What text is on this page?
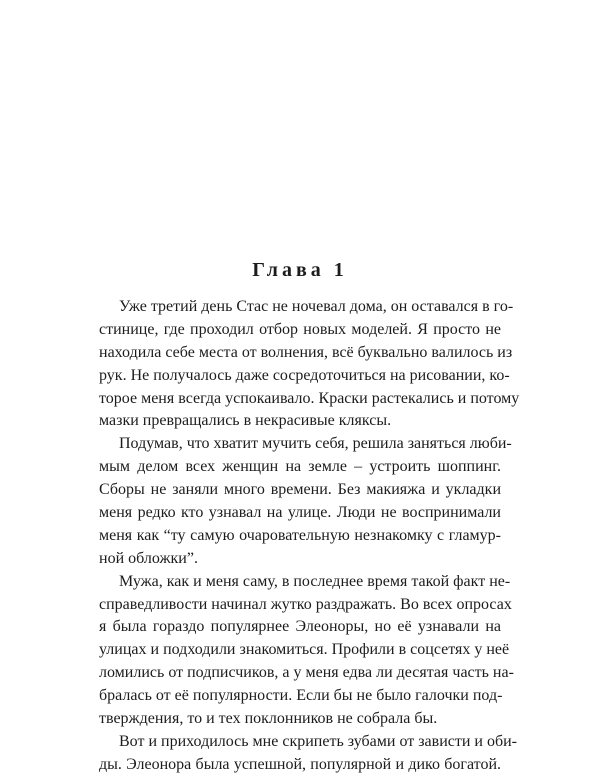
Глава 1
Уже третий день Стас не ночевал дома, он оставался в го-
стинице, где проходил отбор новых моделей. Я просто не
находила себе места от волнения, всё буквально валилось из
рук. Не получалось даже сосредоточиться на рисовании, ко-
торое меня всегда успокаивало. Краски растекались и потому
мазки превращались в некрасивые кляксы.
Подумав, что хватит мучить себя, решила заняться люби-
мым делом всех женщин на земле – устроить шоппинг.
Сборы не заняли много времени. Без макияжа и укладки
меня редко кто узнавал на улице. Люди не воспринимали
меня как “ту самую очаровательную незнакомку с гламур-
ной обложки”.
Мужа, как и меня саму, в последнее время такой факт не-
справедливости начинал жутко раздражать. Во всех опросах
я была гораздо популярнее Элеоноры, но её узнавали на
улицах и подходили знакомиться. Профили в соцсетях у неё
ломились от подписчиков, а у меня едва ли десятая часть на-
бралась от её популярности. Если бы не было галочки под-
тверждения, то и тех поклонников не собрала бы.
Вот и приходилось мне скрипеть зубами от зависти и оби-
ды. Элеонора была успешной, популярной и дико богатой.
